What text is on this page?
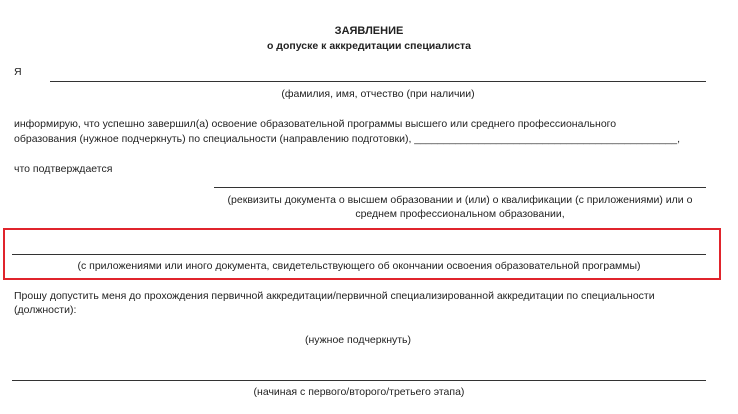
ЗАЯВЛЕНИЕ
о допуске к аккредитации специалиста
Я
(фамилия, имя, отчество (при наличии)
информирую, что успешно завершил(а) освоение образовательной программы высшего или среднего профессионального
образования (нужное подчеркнуть) по специальности (направлению подготовки), _____________________________________________,
что подтверждается
(реквизиты документа о высшем образовании и (или) о квалификации (с приложениями) или о
среднем профессиональном образовании,
(с приложениями или иного документа, свидетельствующего об окончании освоения образовательной программы)
Прошу допустить меня до прохождения первичной аккредитации/первичной специализированной аккредитации по специальности
(должности):
(нужное подчеркнуть)
(начиная с первого/второго/третьего этапа)
